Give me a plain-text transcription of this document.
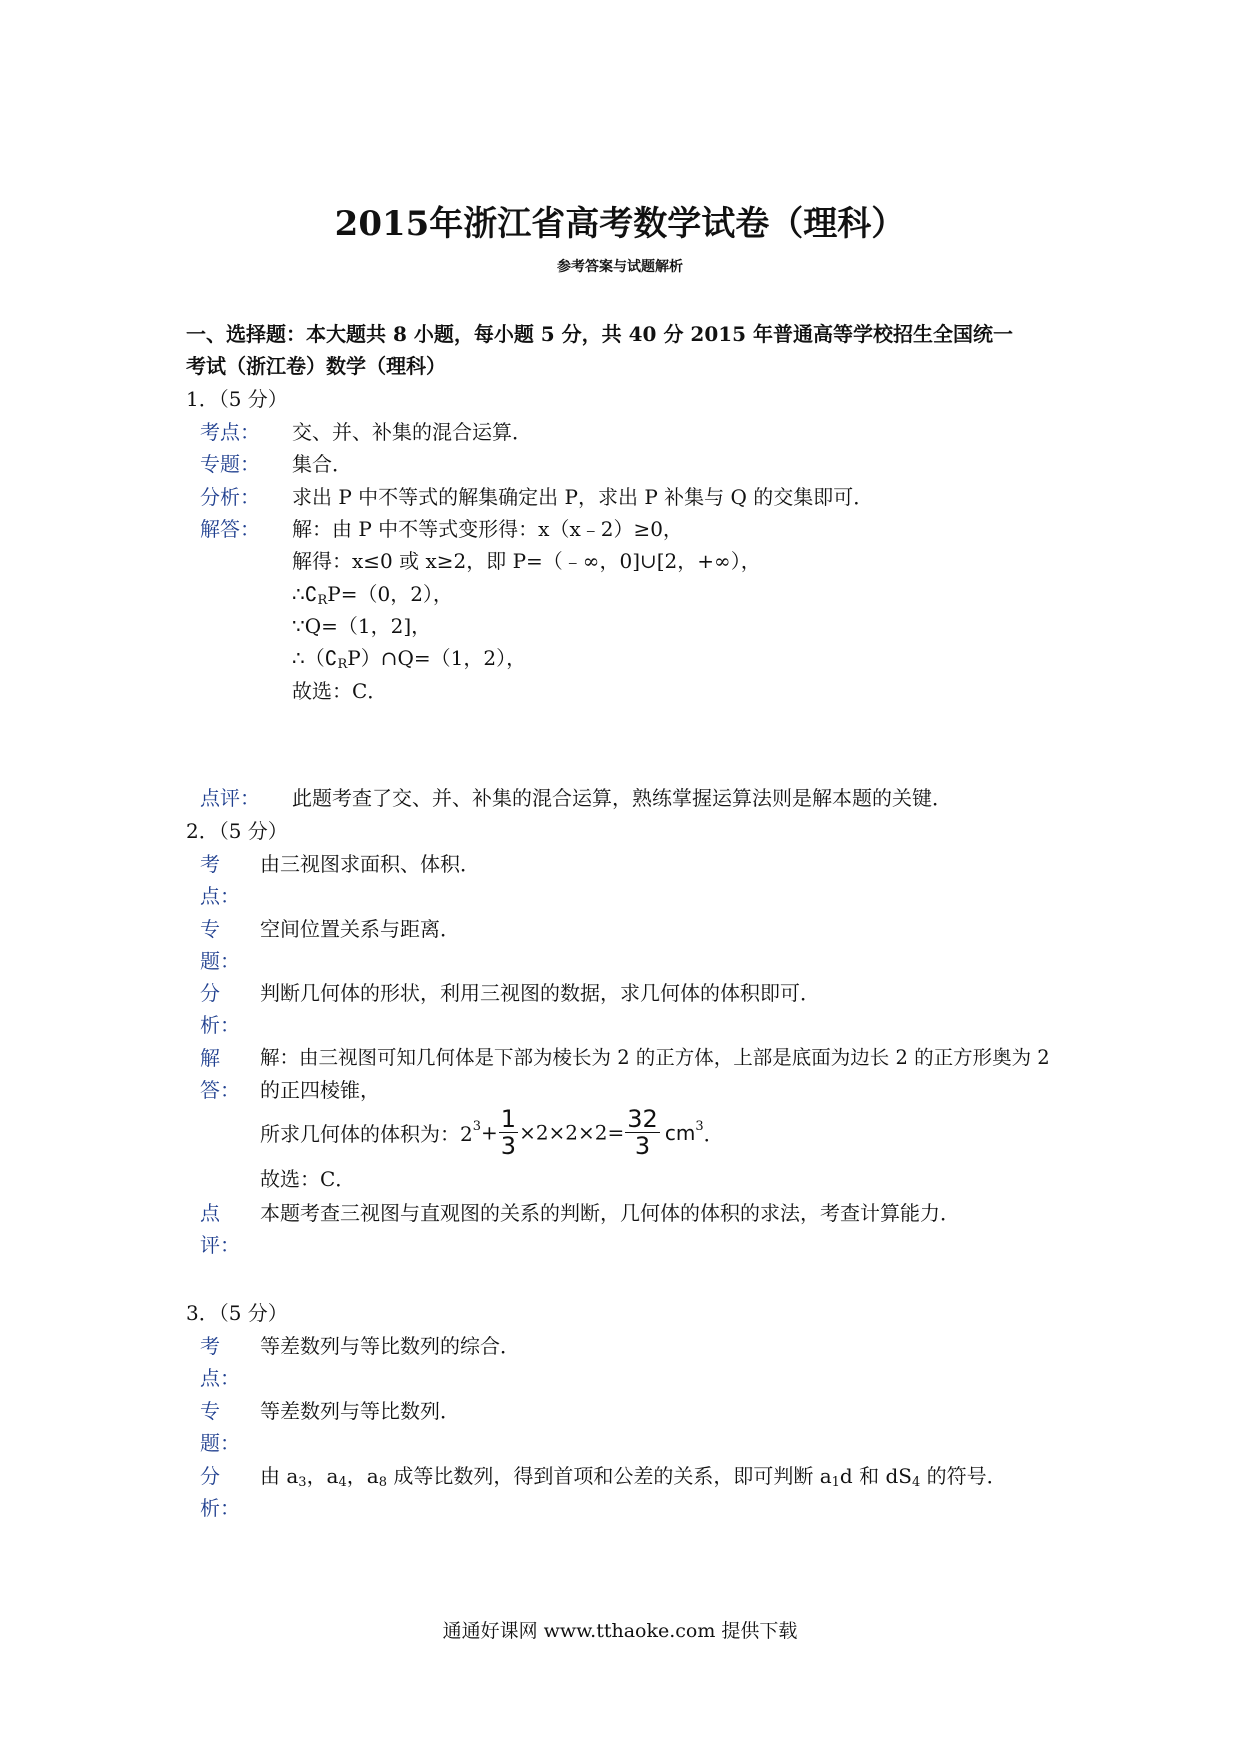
2015年浙江省高考数学试卷（理科）
参考答案与试题解析
一、选择题：本大题共 8 小题，每小题 5 分，共 40 分 2015 年普通高等学校招生全国统一
考试（浙江卷）数学（理科）
1．（5 分）
考点： 交、并、补集的混合运算．
专题： 集合．
分析： 求出 P 中不等式的解集确定出 P，求出 P 补集与 Q 的交集即可．
解答： 解：由 P 中不等式变形得：x（x﹣2）≥0，
解得：x≤0 或 x≥2，即 P=（﹣∞，0]∪[2，+∞），
$\therefore∁_RP=(0$，2），
∵Q=（1，2]，
$\therefore(∁_RP)\cap Q=(1$，2），
故选：C．
点评： 此题考查了交、并、补集的混合运算，熟练掌握运算法则是解本题的关键．
2．（5 分）
考
点：
由三视图求面积、体积．
专
题：
空间位置关系与距离．
分
析：
判断几何体的形状，利用三视图的数据，求几何体的体积即可．
解
答：
解：由三视图可知几何体是下部为棱长为 2 的正方体，上部是底面为边长 2 的正方形奥为 2
的正四棱锥，
所求几何体的体积为：$2^3+ \frac{1}{3} \times 2\times 2\times 2= \frac{32}{3} cm^3$．
故选：C．
点
评：
本题考查三视图与直观图的关系的判断，几何体的体积的求法，考查计算能力．
3．（5 分）
考
点：
等差数列与等比数列的综合．
专
题：
等差数列与等比数列．
分
析：
由 $a_3$，$a_4$，$a_8$ 成等比数列，得到首项和公差的关系，即可判断 $a_1d$ 和 $dS_4$ 的符号．
通通好课网 www.tthaoke.com 提供下载
